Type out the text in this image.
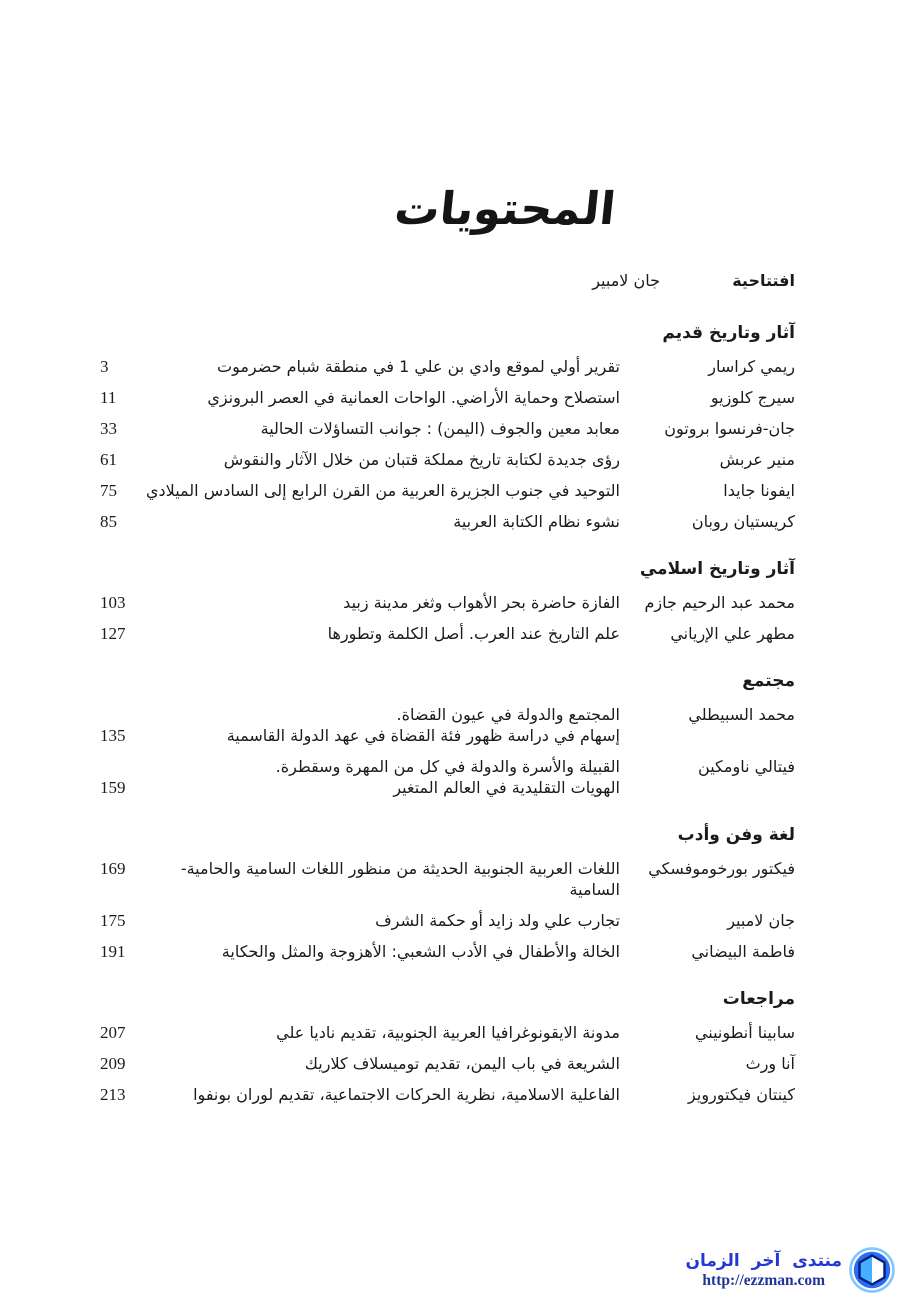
المحتويات
افتتاحية
جان لامبير
آثار وتاريخ قديم
ريمي كراسار
تقرير أولي لموقع وادي بن علي 1 في منطقة شبام حضرموت
3
سيرج كلوزيو
استصلاح وحماية الأراضي. الواحات العمانية في العصر البرونزي
11
جان-فرنسوا بروتون
معابد معين والجوف (اليمن) : جوانب التساؤلات الحالية
33
منير عربش
رؤى جديدة لكتابة تاريخ مملكة قتبان من خلال الآثار والنقوش
61
ايفونا جايدا
التوحيد في جنوب الجزيرة العربية من القرن الرابع إلى السادس الميلادي
75
كريستيان روبان
نشوء نظام الكتابة العربية
85
آثار وتاريخ اسلامي
محمد عبد الرحيم جازم
الفازة حاضرة بحر الأهواب وثغر مدينة زبيد
103
مطهر علي الإرياني
علم التاريخ عند العرب. أصل الكلمة وتطورها
127
مجتمع
محمد السبيطلي
المجتمع والدولة في عيون القضاة.
إسهام في دراسة ظهور فئة القضاة في عهد الدولة القاسمية
135
فيتالي ناومكين
القبيلة والأسرة والدولة في كل من المهرة وسقطرة.
الهويات التقليدية في العالم المتغير
159
لغة وفن وأدب
فيكتور بورخوموفسكي
اللغات العربية الجنوبية الحديثة من منظور اللغات السامية والحامية-السامية
169
جان لامبير
تجارب علي ولد زايد أو حكمة الشرف
175
فاطمة البيضاني
الخالة والأطفال في الأدب الشعبي: الأهزوجة والمثل والحكاية
191
مراجعات
سابينا أنطونيني
مدونة الايقونوغرافيا العربية الجنوبية، تقديم ناديا علي
207
آنا ورث
الشريعة في باب اليمن، تقديم توميسلاف كلاريك
209
كينتان فيكتورويز
الفاعلية الاسلامية، نظرية الحركات الاجتماعية، تقديم لوران بونفوا
213
منتدى آخر الزمان
http://ezzman.com
